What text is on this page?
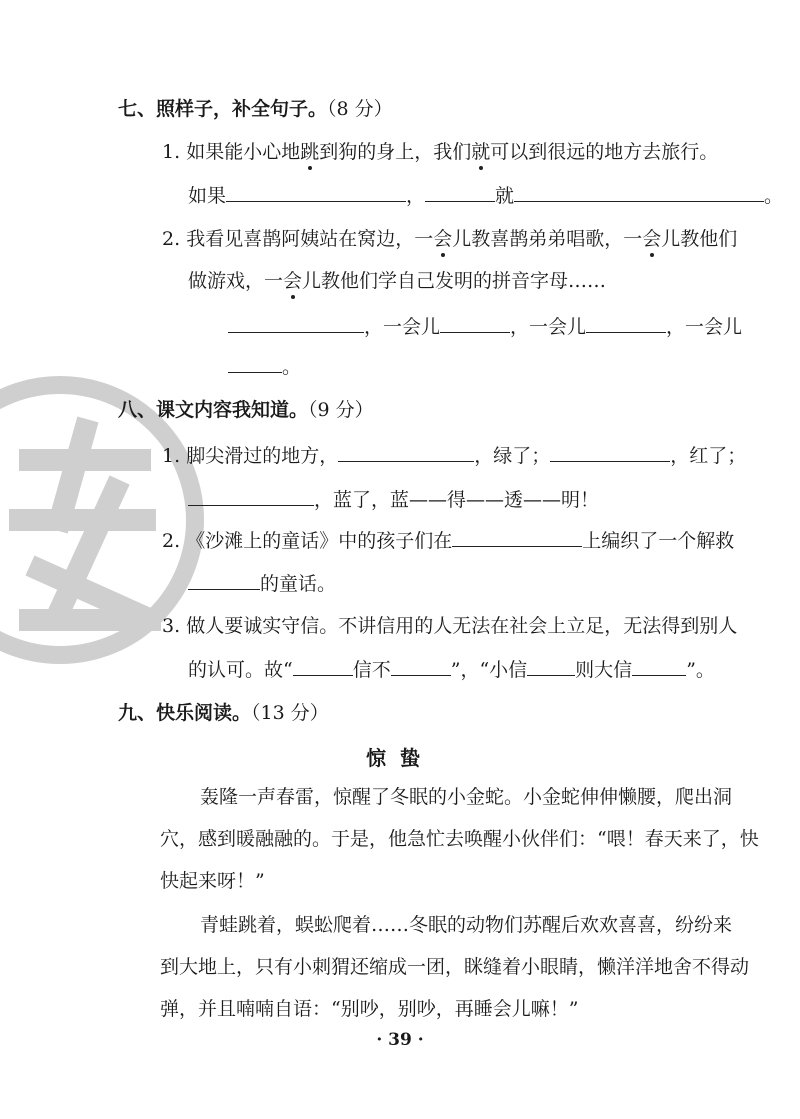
七、照样子，补全句子。（8 分）
1. 如果能小心地跳到狗的身上，我们就可以到很远的地方去旅行。
如果	，	就	。
2. 我看见喜鹊阿姨站在窝边，一会儿教喜鹊弟弟唱歌，一会儿教他们
做游戏，一会儿教他们学自己发明的拼音字母……
，一会儿	，一会儿	，一会儿
。
八、课文内容我知道。（9 分）
1. 脚尖滑过的地方，	，绿了；	，红了；
，蓝了，蓝——得——透——明！
2. 《沙滩上的童话》中的孩子们在	上编织了一个解救
的童话。
3. 做人要诚实守信。不讲信用的人无法在社会上立足，无法得到别人
的认可。故“	信不	”，“小信	则大信	”。
九、快乐阅读。（13 分）
惊蛰
轰隆一声春雷，惊醒了冬眠的小金蛇。小金蛇伸伸懒腰，爬出洞
穴，感到暖融融的。于是，他急忙去唤醒小伙伴们：“喂！春天来了，快
快起来呀！”
青蛙跳着，蜈蚣爬着……冬眠的动物们苏醒后欢欢喜喜，纷纷来
到大地上，只有小刺猬还缩成一团，眯缝着小眼睛，懒洋洋地舍不得动
弹，并且喃喃自语：“别吵，别吵，再睡会儿嘛！”
· 39 ·
